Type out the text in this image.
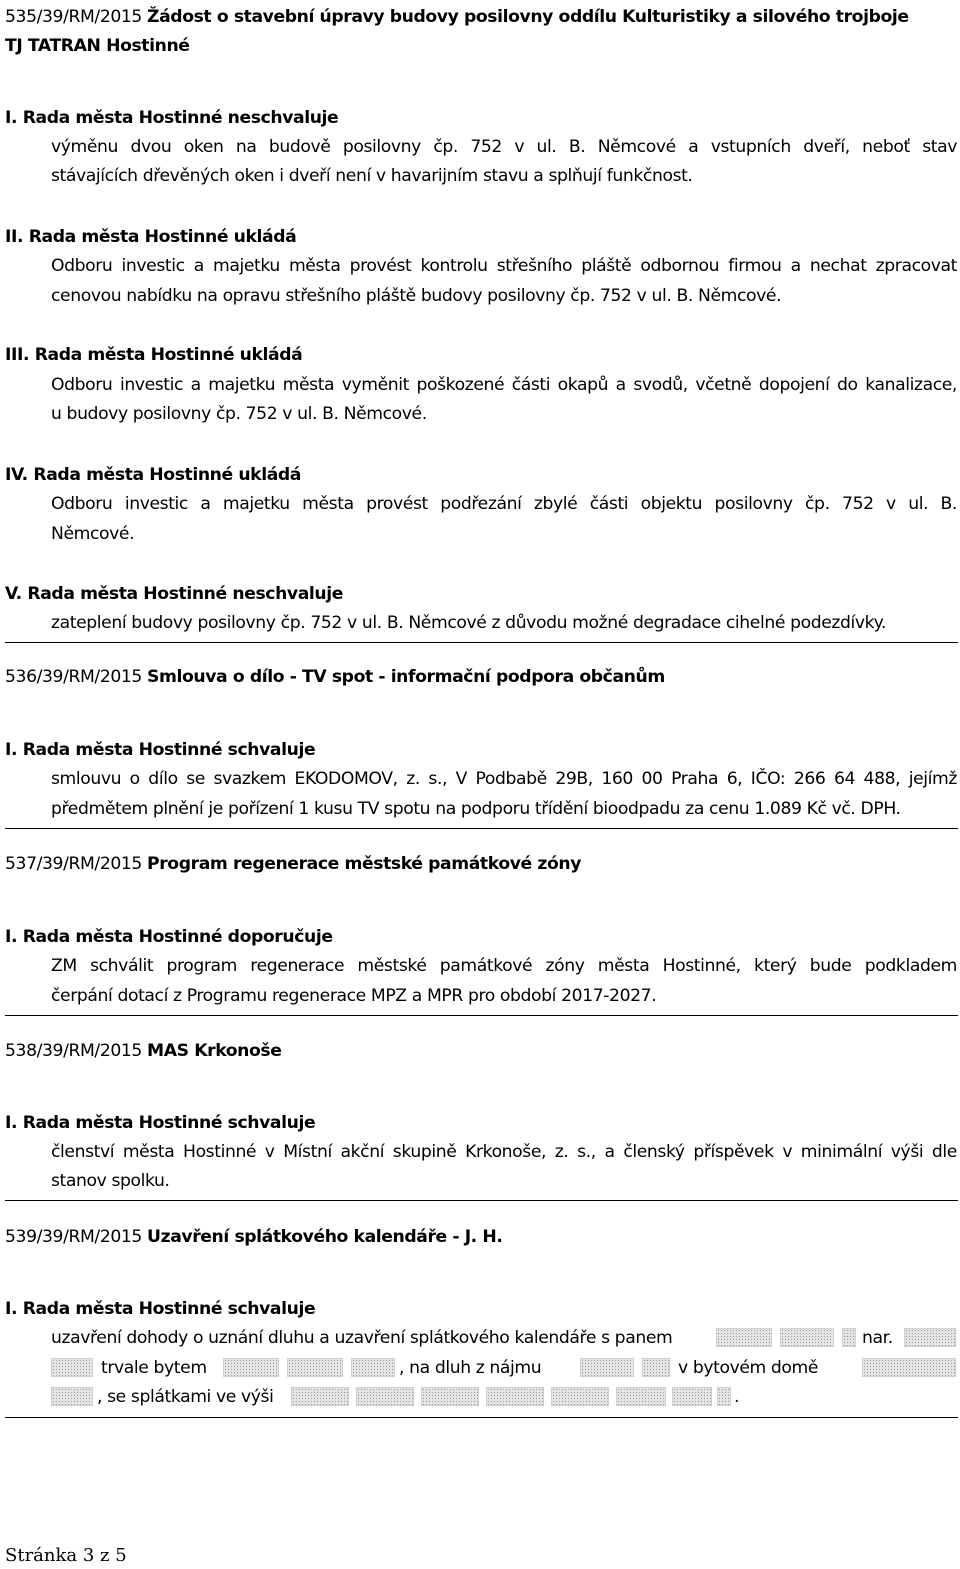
535/39/RM/2015 Žádost o stavební úpravy budovy posilovny oddílu Kulturistiky a silového trojboje
TJ TATRAN Hostinné
I. Rada města Hostinné neschvaluje
výměnu dvou oken na budově posilovny čp. 752 v ul. B. Němcové a vstupních dveří, neboť stav
stávajících dřevěných oken i dveří není v havarijním stavu a splňují funkčnost.
II. Rada města Hostinné ukládá
Odboru investic a majetku města provést kontrolu střešního pláště odbornou firmou a nechat zpracovat
cenovou nabídku na opravu střešního pláště budovy posilovny čp. 752 v ul. B. Němcové.
III. Rada města Hostinné ukládá
Odboru investic a majetku města vyměnit poškozené části okapů a svodů, včetně dopojení do kanalizace,
u budovy posilovny čp. 752 v ul. B. Němcové.
IV. Rada města Hostinné ukládá
Odboru investic a majetku města provést podřezání zbylé části objektu posilovny čp. 752 v ul. B.
Němcové.
V. Rada města Hostinné neschvaluje
zateplení budovy posilovny čp. 752 v ul. B. Němcové z důvodu možné degradace cihelné podezdívky.
536/39/RM/2015 Smlouva o dílo - TV spot - informační podpora občanům
I. Rada města Hostinné schvaluje
smlouvu o dílo se svazkem EKODOMOV, z. s., V Podbabě 29B, 160 00 Praha 6, IČO: 266 64 488, jejímž
předmětem plnění je pořízení 1 kusu TV spotu na podporu třídění bioodpadu za cenu 1.089 Kč vč. DPH.
537/39/RM/2015 Program regenerace městské památkové zóny
I. Rada města Hostinné doporučuje
ZM schválit program regenerace městské památkové zóny města Hostinné, který bude podkladem
čerpání dotací z Programu regenerace MPZ a MPR pro období 2017-2027.
538/39/RM/2015 MAS Krkonoše
I. Rada města Hostinné schvaluje
členství města Hostinné v Místní akční skupině Krkonoše, z. s., a členský příspěvek v minimální výši dle
stanov spolku.
539/39/RM/2015 Uzavření splátkového kalendáře - J. H.
I. Rada města Hostinné schvaluje
uzavření dohody o uznání dluhu a uzavření splátkového kalendáře s panem	nar.
trvale bytem	, na dluh z nájmu	v bytovém domě
, se splátkami ve výši	.
Stránka 3 z 5
